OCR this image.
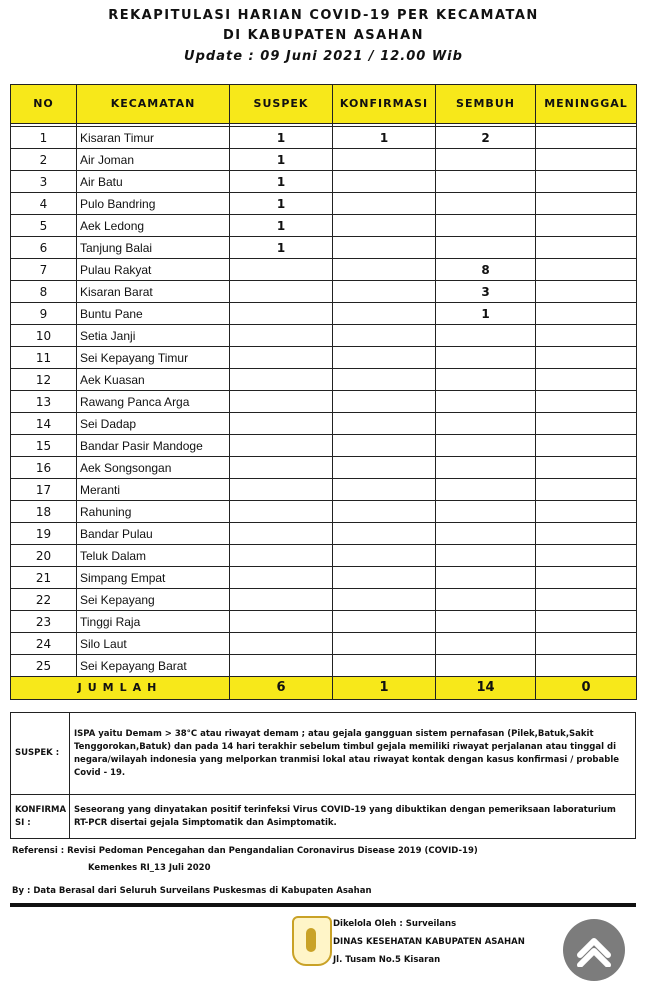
REKAPITULASI HARIAN COVID-19 PER KECAMATAN
DI KABUPATEN ASAHAN
Update : 09 Juni 2021 / 12.00 Wib
NO	KECAMATAN	SUSPEK	KONFIRMASI	SEMBUH	MENINGGAL

1	Kisaran Timur	1	1	2	
2	Air Joman	1			
3	Air Batu	1			
4	Pulo Bandring	1			
5	Aek Ledong	1			
6	Tanjung Balai	1			
7	Pulau Rakyat			8	
8	Kisaran Barat			3	
9	Buntu Pane			1	
10	Setia Janji				
11	Sei Kepayang Timur				
12	Aek Kuasan				
13	Rawang Panca Arga				
14	Sei Dadap				
15	Bandar Pasir Mandoge				
16	Aek Songsongan				
17	Meranti				
18	Rahuning				
19	Bandar Pulau				
20	Teluk Dalam				
21	Simpang Empat				
22	Sei Kepayang				
23	Tinggi Raja				
24	Silo Laut				
25	Sei Kepayang Barat				
JUMLAH		6	1	14	0
SUSPEK :	ISPA yaitu Demam > 38°C atau riwayat demam ; atau gejala gangguan sistem pernafasan (Pilek,Batuk,Sakit Tenggorokan,Batuk) dan pada 14 hari terakhir sebelum timbul gejala memiliki riwayat perjalanan atau tinggal di negara/wilayah indonesia yang melporkan tranmisi lokal atau riwayat kontak dengan kasus konfirmasi / probable Covid - 19.
KONFIRMA SI :	Seseorang yang dinyatakan positif terinfeksi Virus COVID-19 yang dibuktikan dengan pemeriksaan laboraturium RT-PCR disertai gejala Simptomatik dan Asimptomatik.
Referensi : Revisi Pedoman Pencegahan dan Pengandalian Coronavirus Disease 2019 (COVID-19)
Kemenkes RI_13 Juli 2020
By : Data Berasal dari Seluruh Surveilans Puskesmas di Kabupaten Asahan
Dikelola Oleh : Surveilans
DINAS KESEHATAN KABUPATEN ASAHAN
Jl. Tusam No.5 Kisaran
